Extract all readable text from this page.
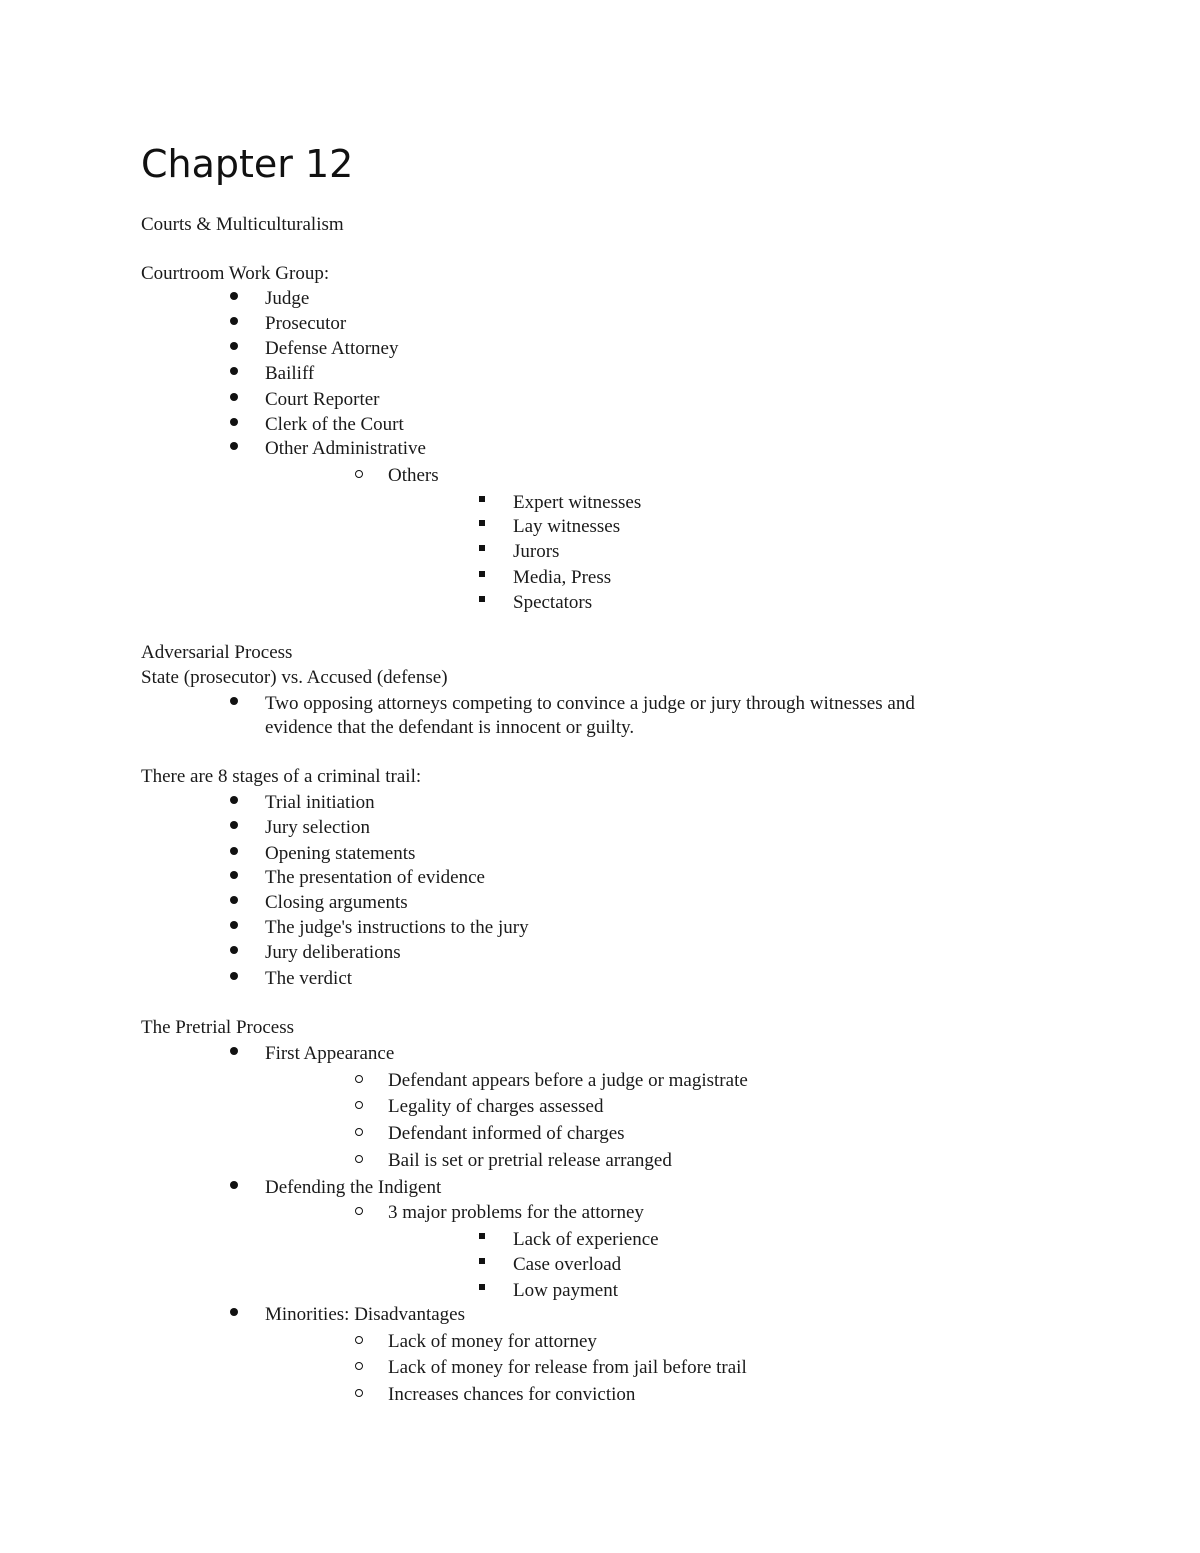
Chapter 12
Courts & Multiculturalism
Courtroom Work Group:
Judge
Prosecutor
Defense Attorney
Bailiff
Court Reporter
Clerk of the Court
Other Administrative
Others
Expert witnesses
Lay witnesses
Jurors
Media, Press
Spectators
Adversarial Process
State (prosecutor) vs. Accused (defense)
Two opposing attorneys competing to convince a judge or jury through witnesses and
evidence that the defendant is innocent or guilty.
There are 8 stages of a criminal trail:
Trial initiation
Jury selection
Opening statements
The presentation of evidence
Closing arguments
The judge's instructions to the jury
Jury deliberations
The verdict
The Pretrial Process
First Appearance
Defendant appears before a judge or magistrate
Legality of charges assessed
Defendant informed of charges
Bail is set or pretrial release arranged
Defending the Indigent
3 major problems for the attorney
Lack of experience
Case overload
Low payment
Minorities: Disadvantages
Lack of money for attorney
Lack of money for release from jail before trail
Increases chances for conviction
